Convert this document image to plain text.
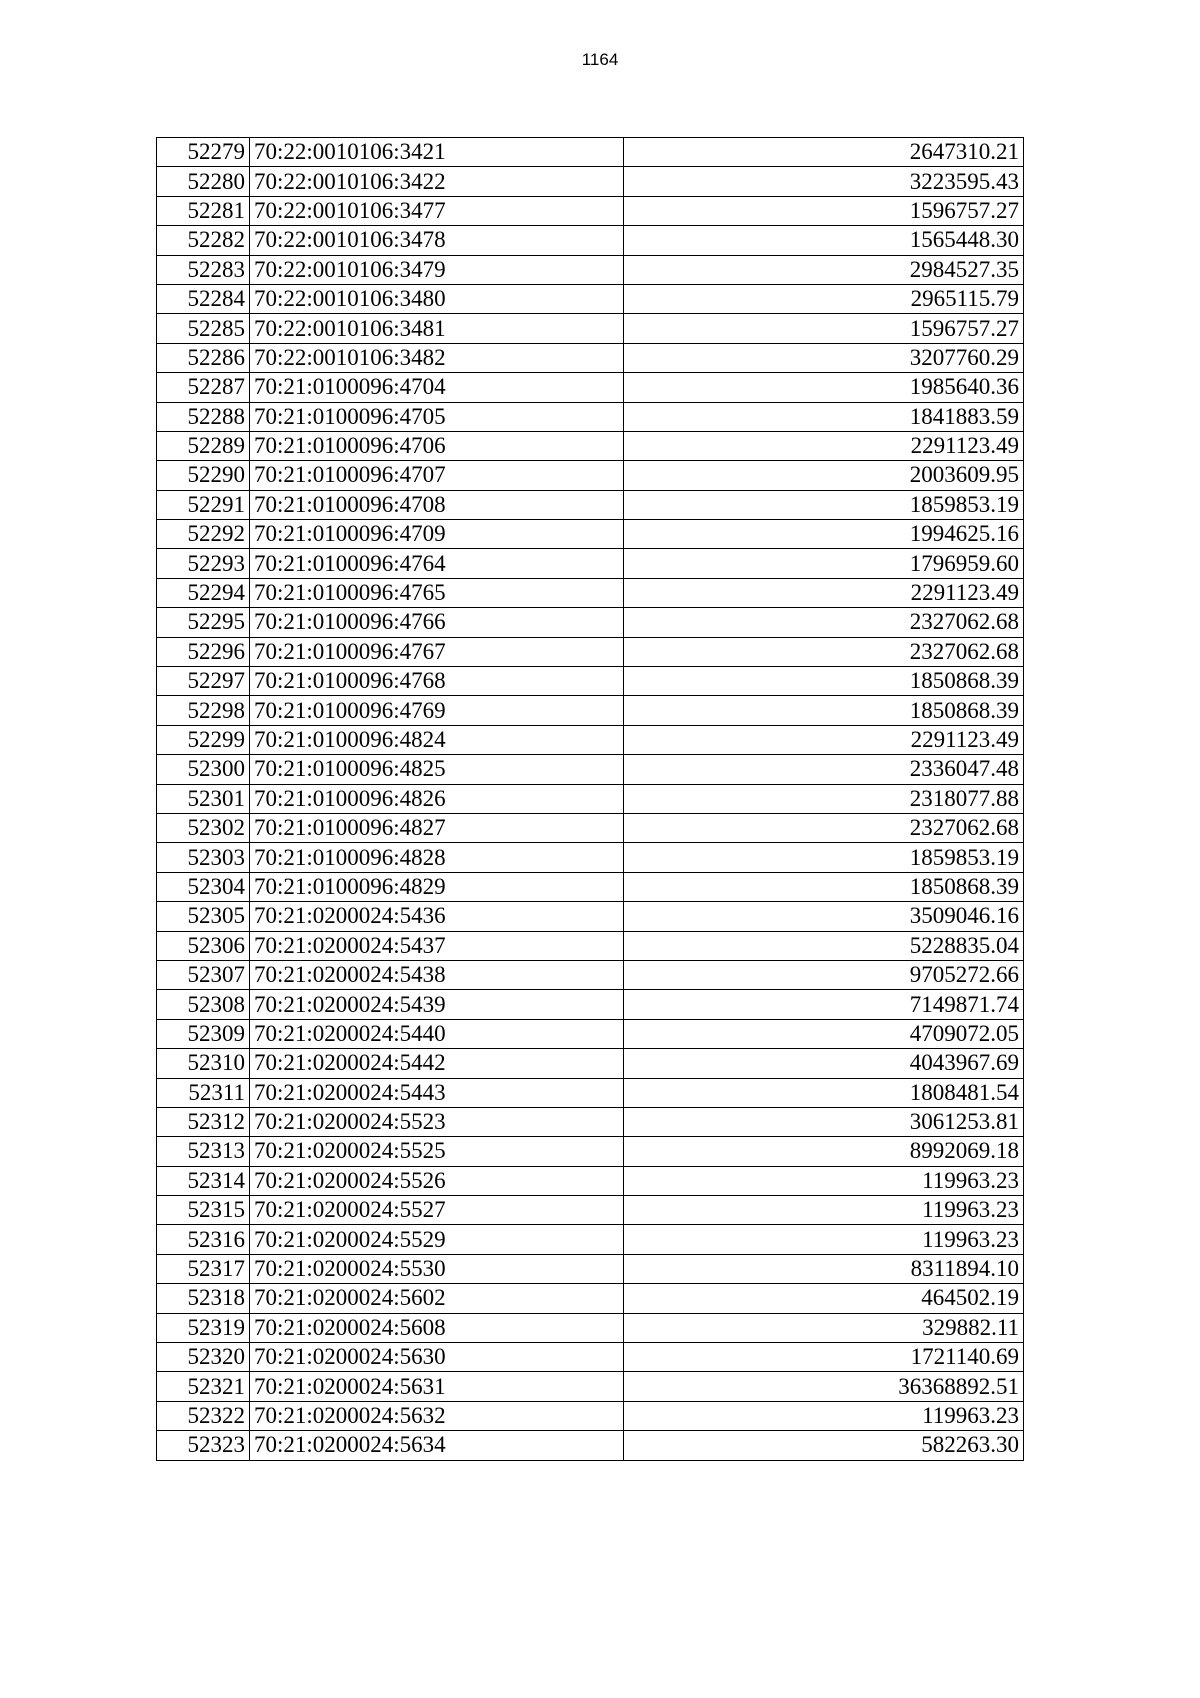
1164
52279	70:22:0010106:3421	2647310.21
52280	70:22:0010106:3422	3223595.43
52281	70:22:0010106:3477	1596757.27
52282	70:22:0010106:3478	1565448.30
52283	70:22:0010106:3479	2984527.35
52284	70:22:0010106:3480	2965115.79
52285	70:22:0010106:3481	1596757.27
52286	70:22:0010106:3482	3207760.29
52287	70:21:0100096:4704	1985640.36
52288	70:21:0100096:4705	1841883.59
52289	70:21:0100096:4706	2291123.49
52290	70:21:0100096:4707	2003609.95
52291	70:21:0100096:4708	1859853.19
52292	70:21:0100096:4709	1994625.16
52293	70:21:0100096:4764	1796959.60
52294	70:21:0100096:4765	2291123.49
52295	70:21:0100096:4766	2327062.68
52296	70:21:0100096:4767	2327062.68
52297	70:21:0100096:4768	1850868.39
52298	70:21:0100096:4769	1850868.39
52299	70:21:0100096:4824	2291123.49
52300	70:21:0100096:4825	2336047.48
52301	70:21:0100096:4826	2318077.88
52302	70:21:0100096:4827	2327062.68
52303	70:21:0100096:4828	1859853.19
52304	70:21:0100096:4829	1850868.39
52305	70:21:0200024:5436	3509046.16
52306	70:21:0200024:5437	5228835.04
52307	70:21:0200024:5438	9705272.66
52308	70:21:0200024:5439	7149871.74
52309	70:21:0200024:5440	4709072.05
52310	70:21:0200024:5442	4043967.69
52311	70:21:0200024:5443	1808481.54
52312	70:21:0200024:5523	3061253.81
52313	70:21:0200024:5525	8992069.18
52314	70:21:0200024:5526	119963.23
52315	70:21:0200024:5527	119963.23
52316	70:21:0200024:5529	119963.23
52317	70:21:0200024:5530	8311894.10
52318	70:21:0200024:5602	464502.19
52319	70:21:0200024:5608	329882.11
52320	70:21:0200024:5630	1721140.69
52321	70:21:0200024:5631	36368892.51
52322	70:21:0200024:5632	119963.23
52323	70:21:0200024:5634	582263.30
